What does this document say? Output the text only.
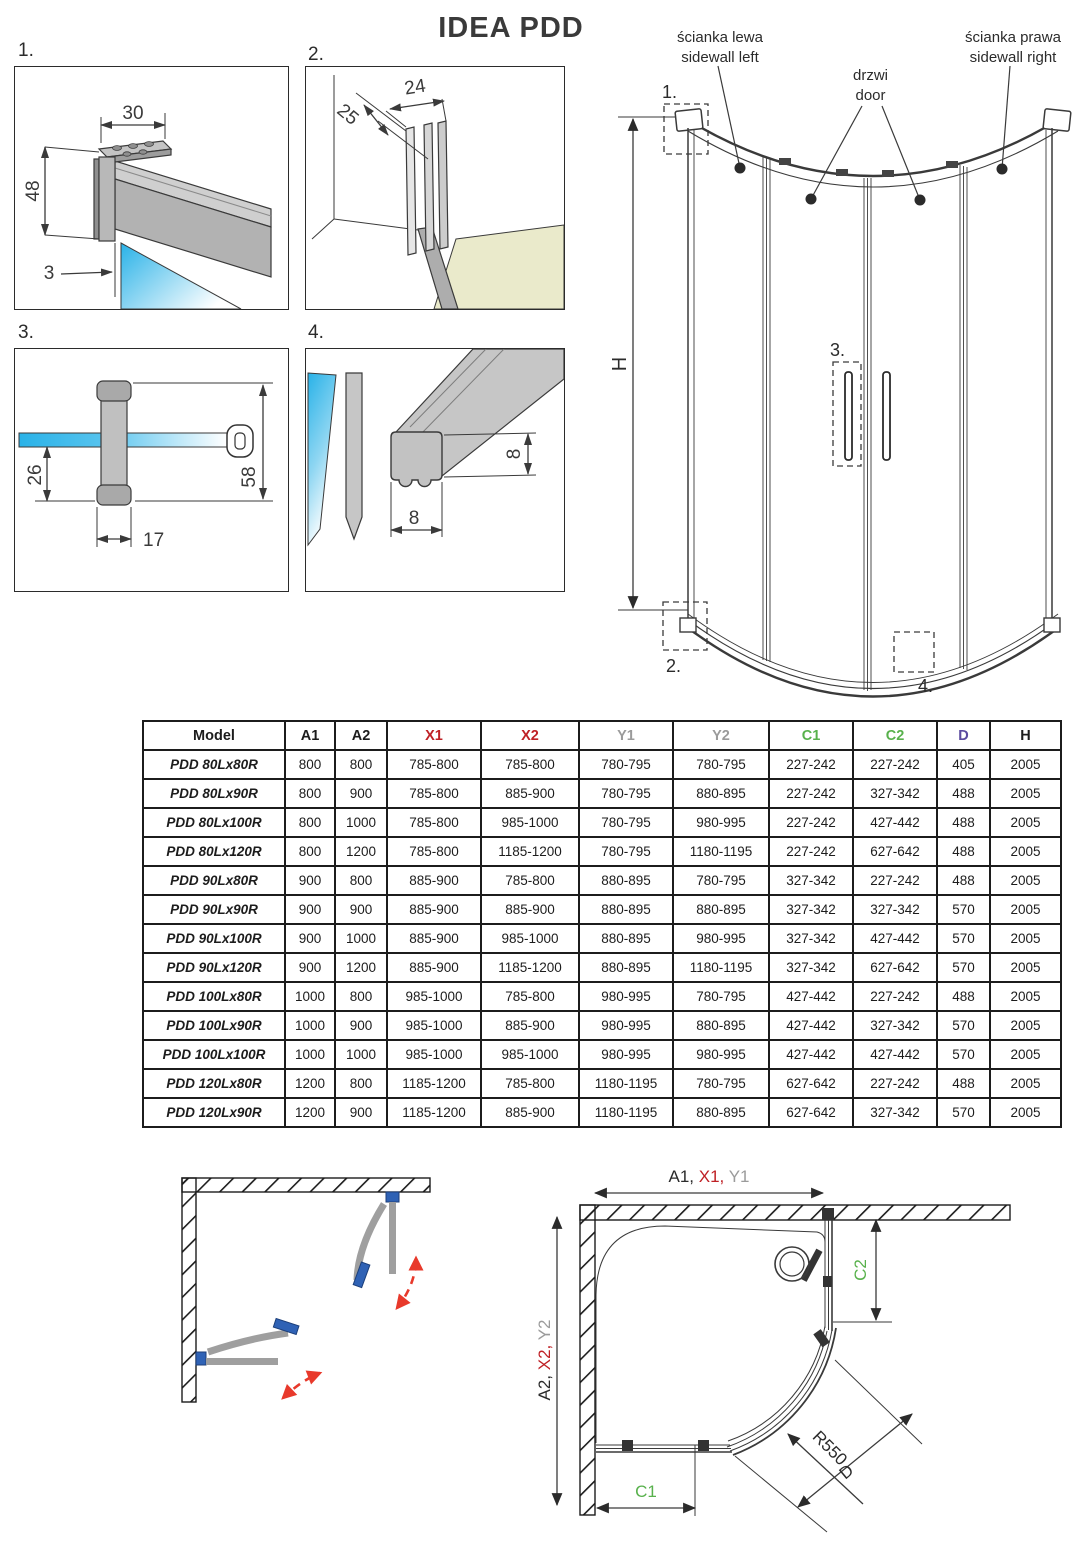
IDEA PDD
1.	2.
3.	4.
30
48
3
24
25
26
17
58
8
8
ścianka lewa
sidewall left
drzwi
door
ścianka prawa
sidewall right
H
1.
3.
2.
4.
Model	A1	A2	X1	X2	Y1	Y2	C1	C2	D	H
PDD 80Lx80R	800	800	785-800	785-800	780-795	780-795	227-242	227-242	405	2005
PDD 80Lx90R	800	900	785-800	885-900	780-795	880-895	227-242	327-342	488	2005
PDD 80Lx100R	800	1000	785-800	985-1000	780-795	980-995	227-242	427-442	488	2005
PDD 80Lx120R	800	1200	785-800	1185-1200	780-795	1180-1195	227-242	627-642	488	2005
PDD 90Lx80R	900	800	885-900	785-800	880-895	780-795	327-342	227-242	488	2005
PDD 90Lx90R	900	900	885-900	885-900	880-895	880-895	327-342	327-342	570	2005
PDD 90Lx100R	900	1000	885-900	985-1000	880-895	980-995	327-342	427-442	570	2005
PDD 90Lx120R	900	1200	885-900	1185-1200	880-895	1180-1195	327-342	627-642	570	2005
PDD 100Lx80R	1000	800	985-1000	785-800	980-995	780-795	427-442	227-242	488	2005
PDD 100Lx90R	1000	900	985-1000	885-900	980-995	880-895	427-442	327-342	570	2005
PDD 100Lx100R	1000	1000	985-1000	985-1000	980-995	980-995	427-442	427-442	570	2005
PDD 120Lx80R	1200	800	1185-1200	785-800	1180-1195	780-795	627-642	227-242	488	2005
PDD 120Lx90R	1200	900	1185-1200	885-900	1180-1195	880-895	627-642	327-342	570	2005
A1, X1, Y1
A2, X2, Y2
C2
C1
R550
D
